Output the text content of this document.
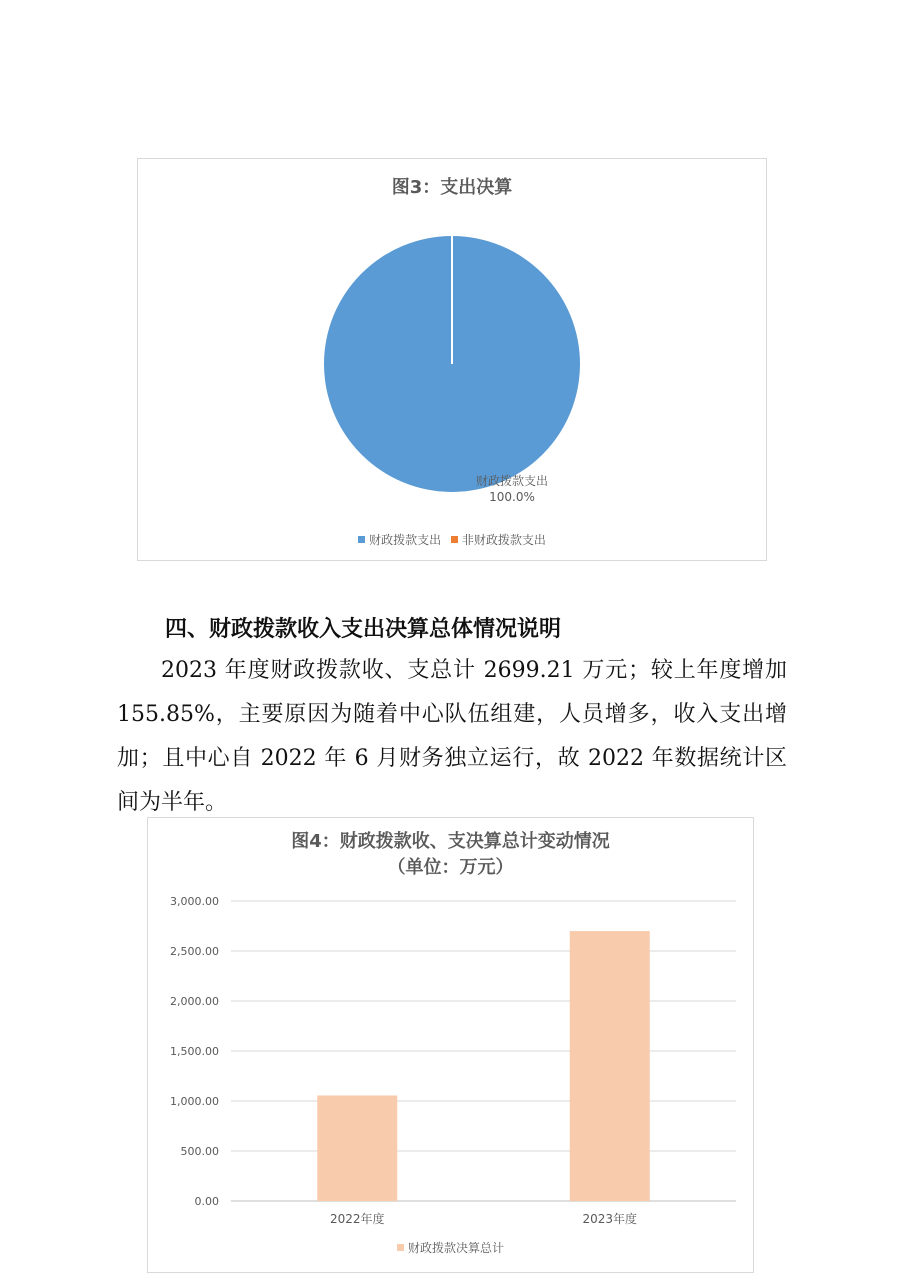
图3：支出决算
财政拨款支出
100.0%
财政拨款支出 非财政拨款支出
四、财政拨款收入支出决算总体情况说明

2023 年度财政拨款收、支总计 2699.21 万元；较上年度增加 155.85%，主要原因为随着中心队伍组建，人员增多，收入支出增加；且中心自 2022 年 6 月财务独立运行，故 2022 年数据统计区间为半年。

图4：财政拨款收、支决算总计变动情况
（单位：万元）
0.00
500.00
1,000.00
1,500.00
2,000.00
2,500.00
3,000.00
2022年度	2023年度
财政拨款决算总计
